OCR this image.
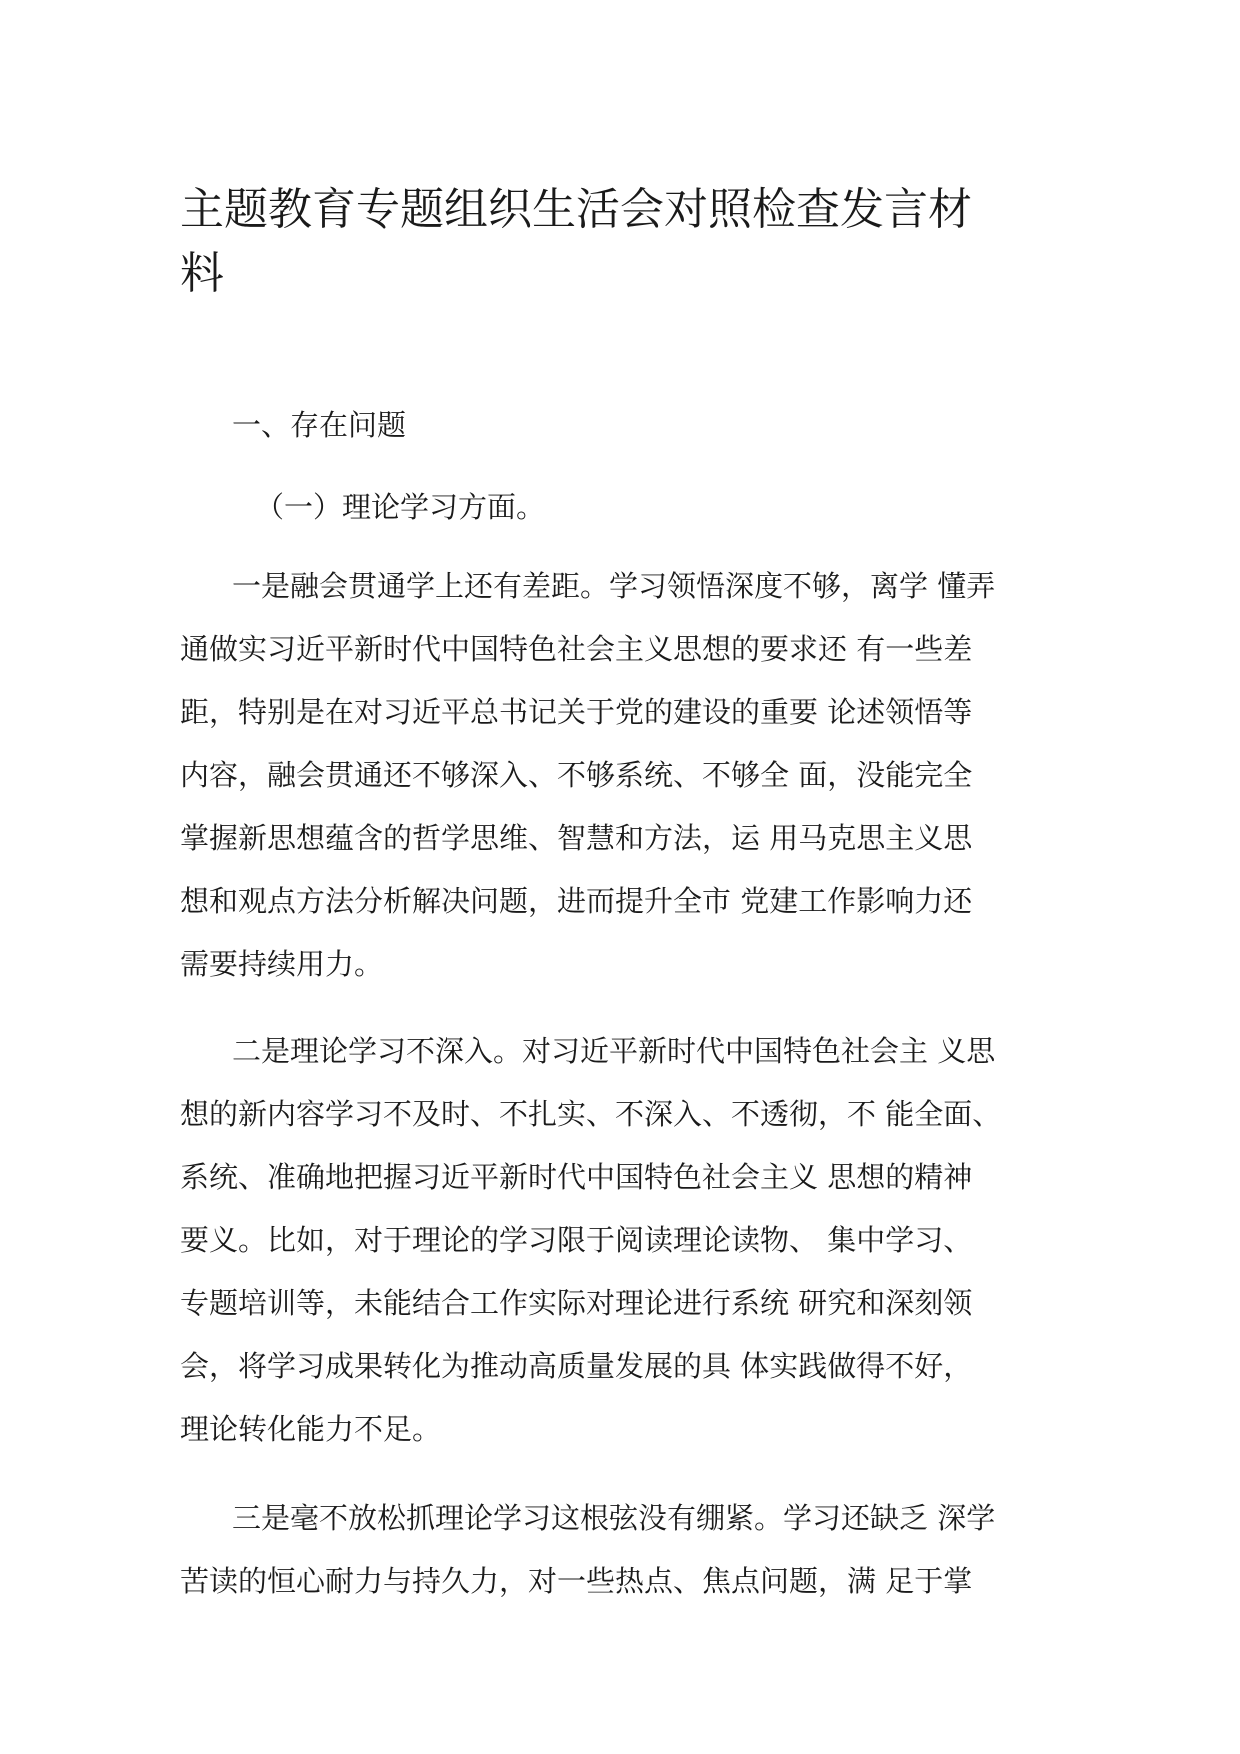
主题教育专题组织生活会对照检查发言材
料

一、存在问题

（一）理论学习方面。

一是融会贯通学上还有差距。学习领悟深度不够，离学 懂弄
通做实习近平新时代中国特色社会主义思想的要求还 有一些差
距，特别是在对习近平总书记关于党的建设的重要 论述领悟等
内容，融会贯通还不够深入、不够系统、不够全 面，没能完全
掌握新思想蕴含的哲学思维、智慧和方法，运 用马克思主义思
想和观点方法分析解决问题，进而提升全市 党建工作影响力还
需要持续用力。
二是理论学习不深入。对习近平新时代中国特色社会主 义思
想的新内容学习不及时、不扎实、不深入、不透彻，不 能全面、
系统、准确地把握习近平新时代中国特色社会主义 思想的精神
要义。比如，对于理论的学习限于阅读理论读物、 集中学习、
专题培训等，未能结合工作实际对理论进行系统 研究和深刻领
会，将学习成果转化为推动高质量发展的具 体实践做得不好，
理论转化能力不足。
三是毫不放松抓理论学习这根弦没有绷紧。学习还缺乏 深学
苦读的恒心耐力与持久力，对一些热点、焦点问题，满 足于掌
